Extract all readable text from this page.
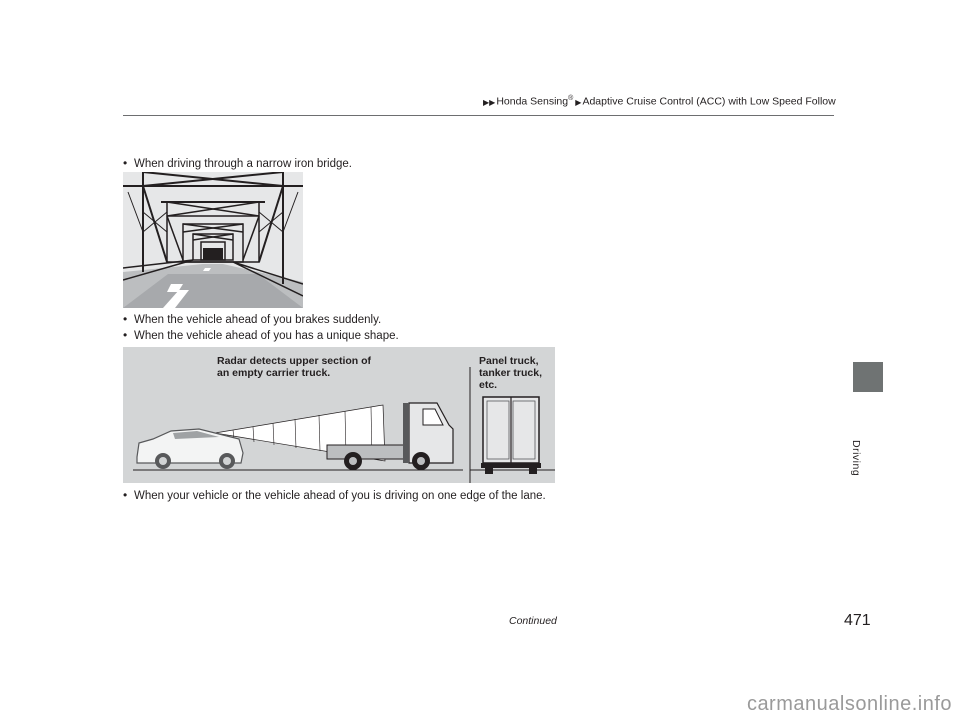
▶▶Honda Sensing® ▶Adaptive Cruise Control (ACC) with Low Speed Follow
• When driving through a narrow iron bridge.
• When the vehicle ahead of you brakes suddenly.
• When the vehicle ahead of you has a unique shape.
Radar detects upper section of
an empty carrier truck.
Panel truck,
tanker truck,
etc.
• When your vehicle or the vehicle ahead of you is driving on one edge of the lane.
Driving
Continued	471
carmanualsonline.info
